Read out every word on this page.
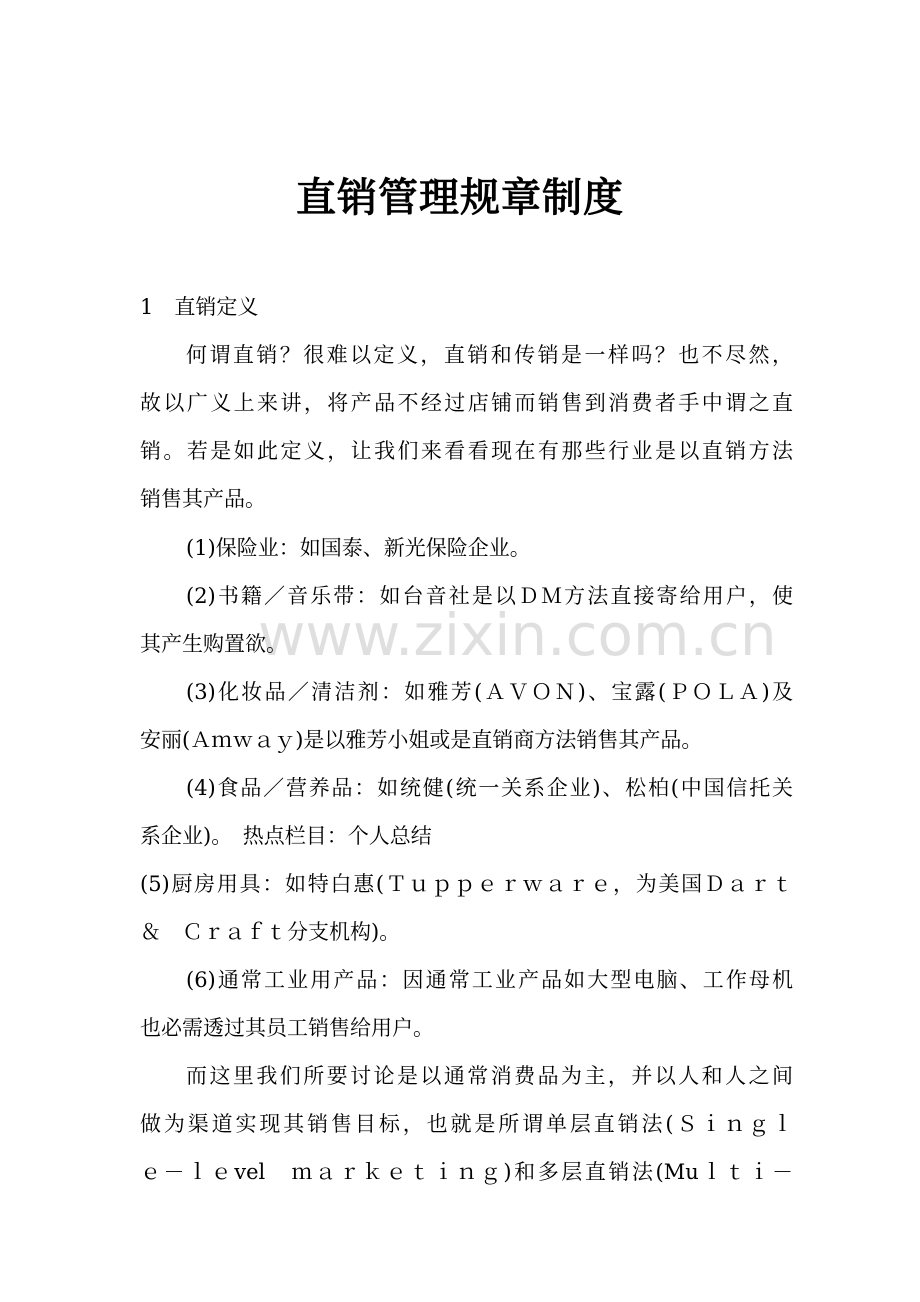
直销管理规章制度
www.zixin.com.cn

1　直销定义

何谓直销？很难以定义，直销和传销是一样吗？也不尽然，

故以广义上来讲，将产品不经过店铺而销售到消费者手中谓之直

销。若是如此定义，让我们来看看现在有那些行业是以直销方法

销售其产品。

(1)保险业：如国泰、新光保险企业。

(2)书籍／音乐带：如台音社是以ＤＭ方法直接寄给用户，使

其产生购置欲。

(3)化妆品／清洁剂：如雅芳(ＡＶＯＮ)、宝露(ＰＯＬＡ)及

安丽(Ａｍｗａｙ)是以雅芳小姐或是直销商方法销售其产品。

(4)食品／营养品：如统健(统一关系企业)、松柏(中国信托关

系企业)。　热点栏目：个人总结

(5)厨房用具：如特白惠(Ｔｕｐｐｅｒｗａｒｅ，为美国Ｄａｒｔ

＆　Ｃｒａｆｔ分支机构)。

(6)通常工业用产品：因通常工业产品如大型电脑、工作母机

也必需透过其员工销售给用户。

而这里我们所要讨论是以通常消费品为主，并以人和人之间

做为渠道实现其销售目标，也就是所谓单层直销法(Ｓｉｎｇｌ

ｅ－ｌｅvel　ｍａｒｋｅｔｉｎｇ)和多层直销法(Muｌｔｉ－
